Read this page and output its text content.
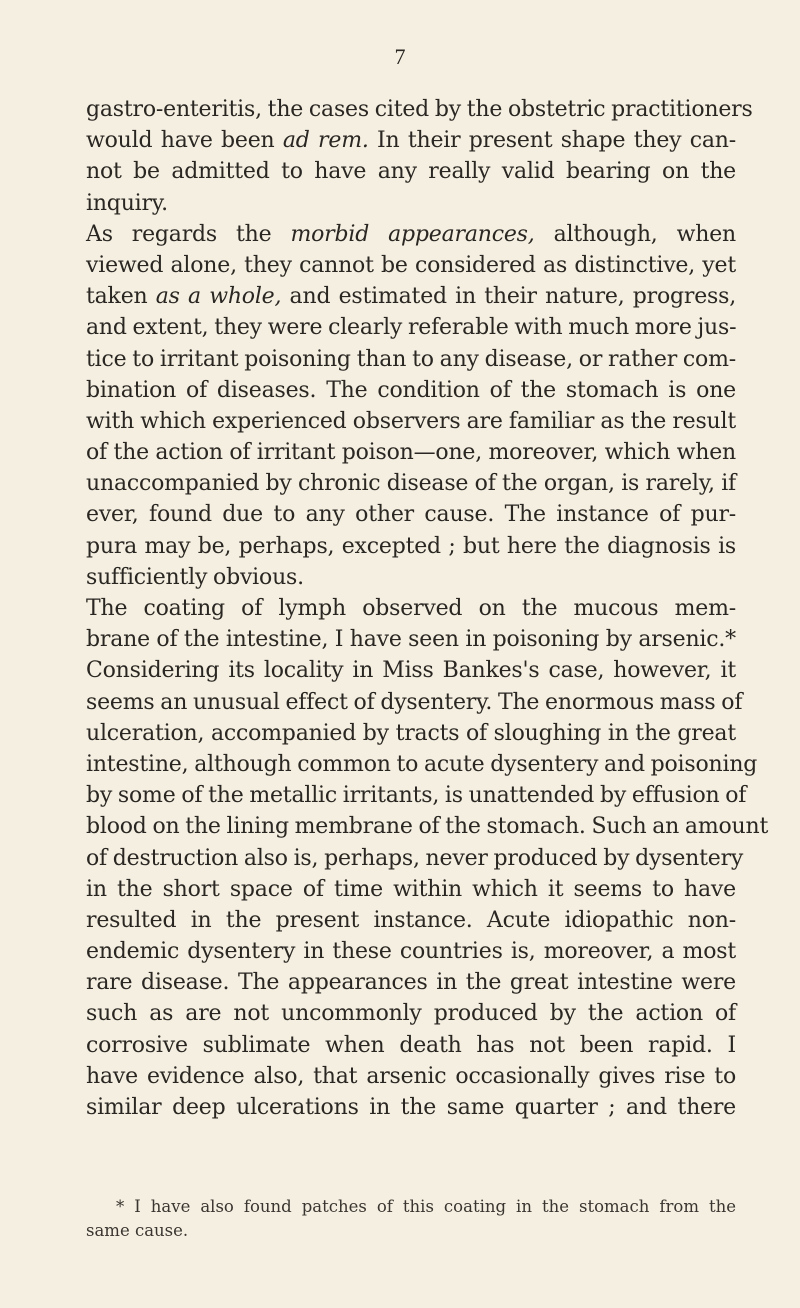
7
gastro-enteritis, the cases cited by the obstetric practitioners
would have been ad rem. In their present shape they can-
not be admitted to have any really valid bearing on the
inquiry.
As regards the morbid appearances, although, when
viewed alone, they cannot be considered as distinctive, yet
taken as a whole, and estimated in their nature, progress,
and extent, they were clearly referable with much more jus-
tice to irritant poisoning than to any disease, or rather com-
bination of diseases. The condition of the stomach is one
with which experienced observers are familiar as the result
of the action of irritant poison—one, moreover, which when
unaccompanied by chronic disease of the organ, is rarely, if
ever, found due to any other cause. The instance of pur-
pura may be, perhaps, excepted ; but here the diagnosis is
sufficiently obvious.
The coating of lymph observed on the mucous mem-
brane of the intestine, I have seen in poisoning by arsenic.*
Considering its locality in Miss Bankes's case, however, it
seems an unusual effect of dysentery. The enormous mass of
ulceration, accompanied by tracts of sloughing in the great
intestine, although common to acute dysentery and poisoning
by some of the metallic irritants, is unattended by effusion of
blood on the lining membrane of the stomach. Such an amount
of destruction also is, perhaps, never produced by dysentery
in the short space of time within which it seems to have
resulted in the present instance. Acute idiopathic non-
endemic dysentery in these countries is, moreover, a most
rare disease. The appearances in the great intestine were
such as are not uncommonly produced by the action of
corrosive sublimate when death has not been rapid. I
have evidence also, that arsenic occasionally gives rise to
similar deep ulcerations in the same quarter ; and there
* I have also found patches of this coating in the stomach from the
same cause.
